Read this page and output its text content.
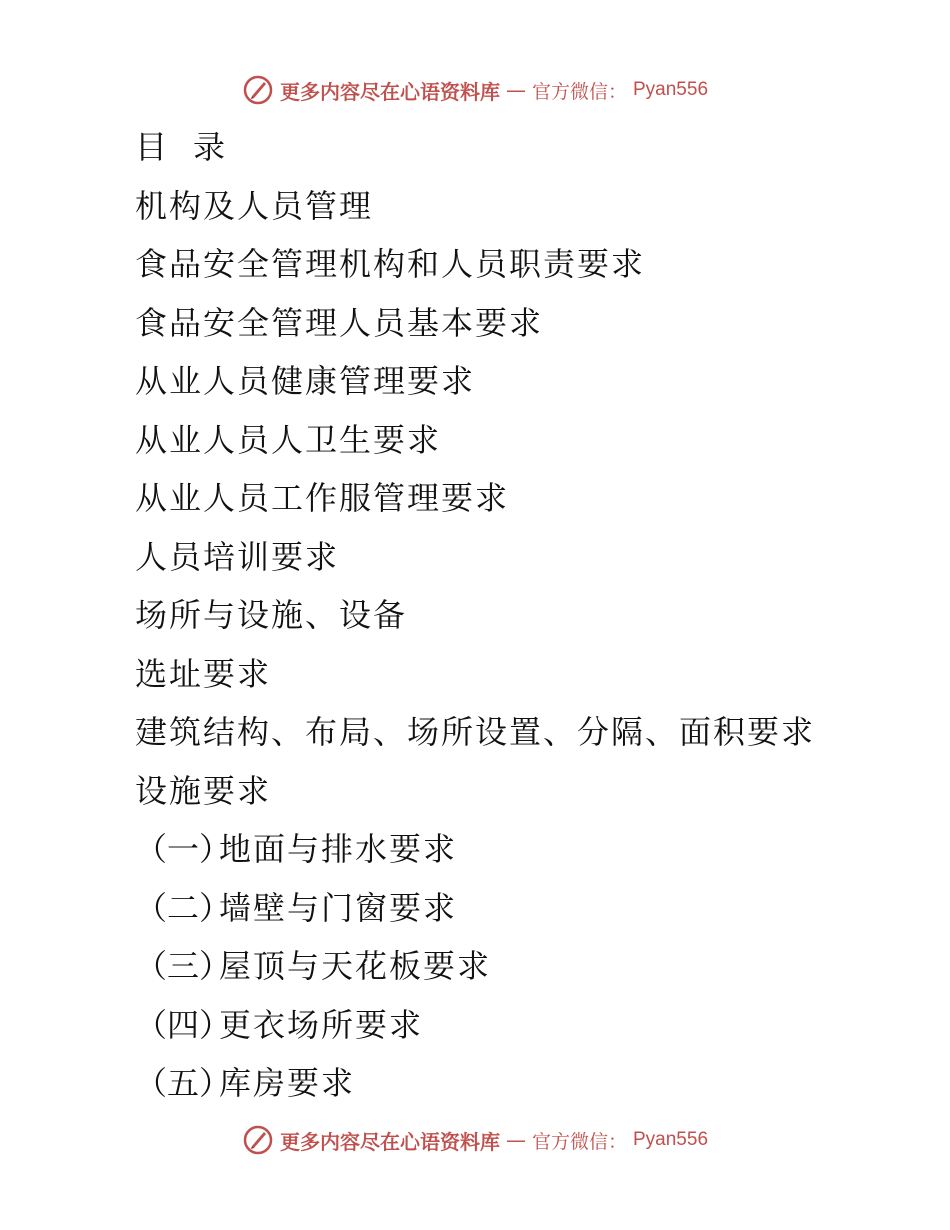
更多内容尽在心语资料库 — 官方微信： Pyan556
目录
机构及人员管理
食品安全管理机构和人员职责要求
食品安全管理人员基本要求
从业人员健康管理要求
从业人员人卫生要求
从业人员工作服管理要求
人员培训要求
场所与设施、设备
选址要求
建筑结构、布局、场所设置、分隔、面积要求
设施要求
（一）地面与排水要求
（二）墙壁与门窗要求
（三）屋顶与天花板要求
（四）更衣场所要求
（五）库房要求
更多内容尽在心语资料库 — 官方微信： Pyan556
